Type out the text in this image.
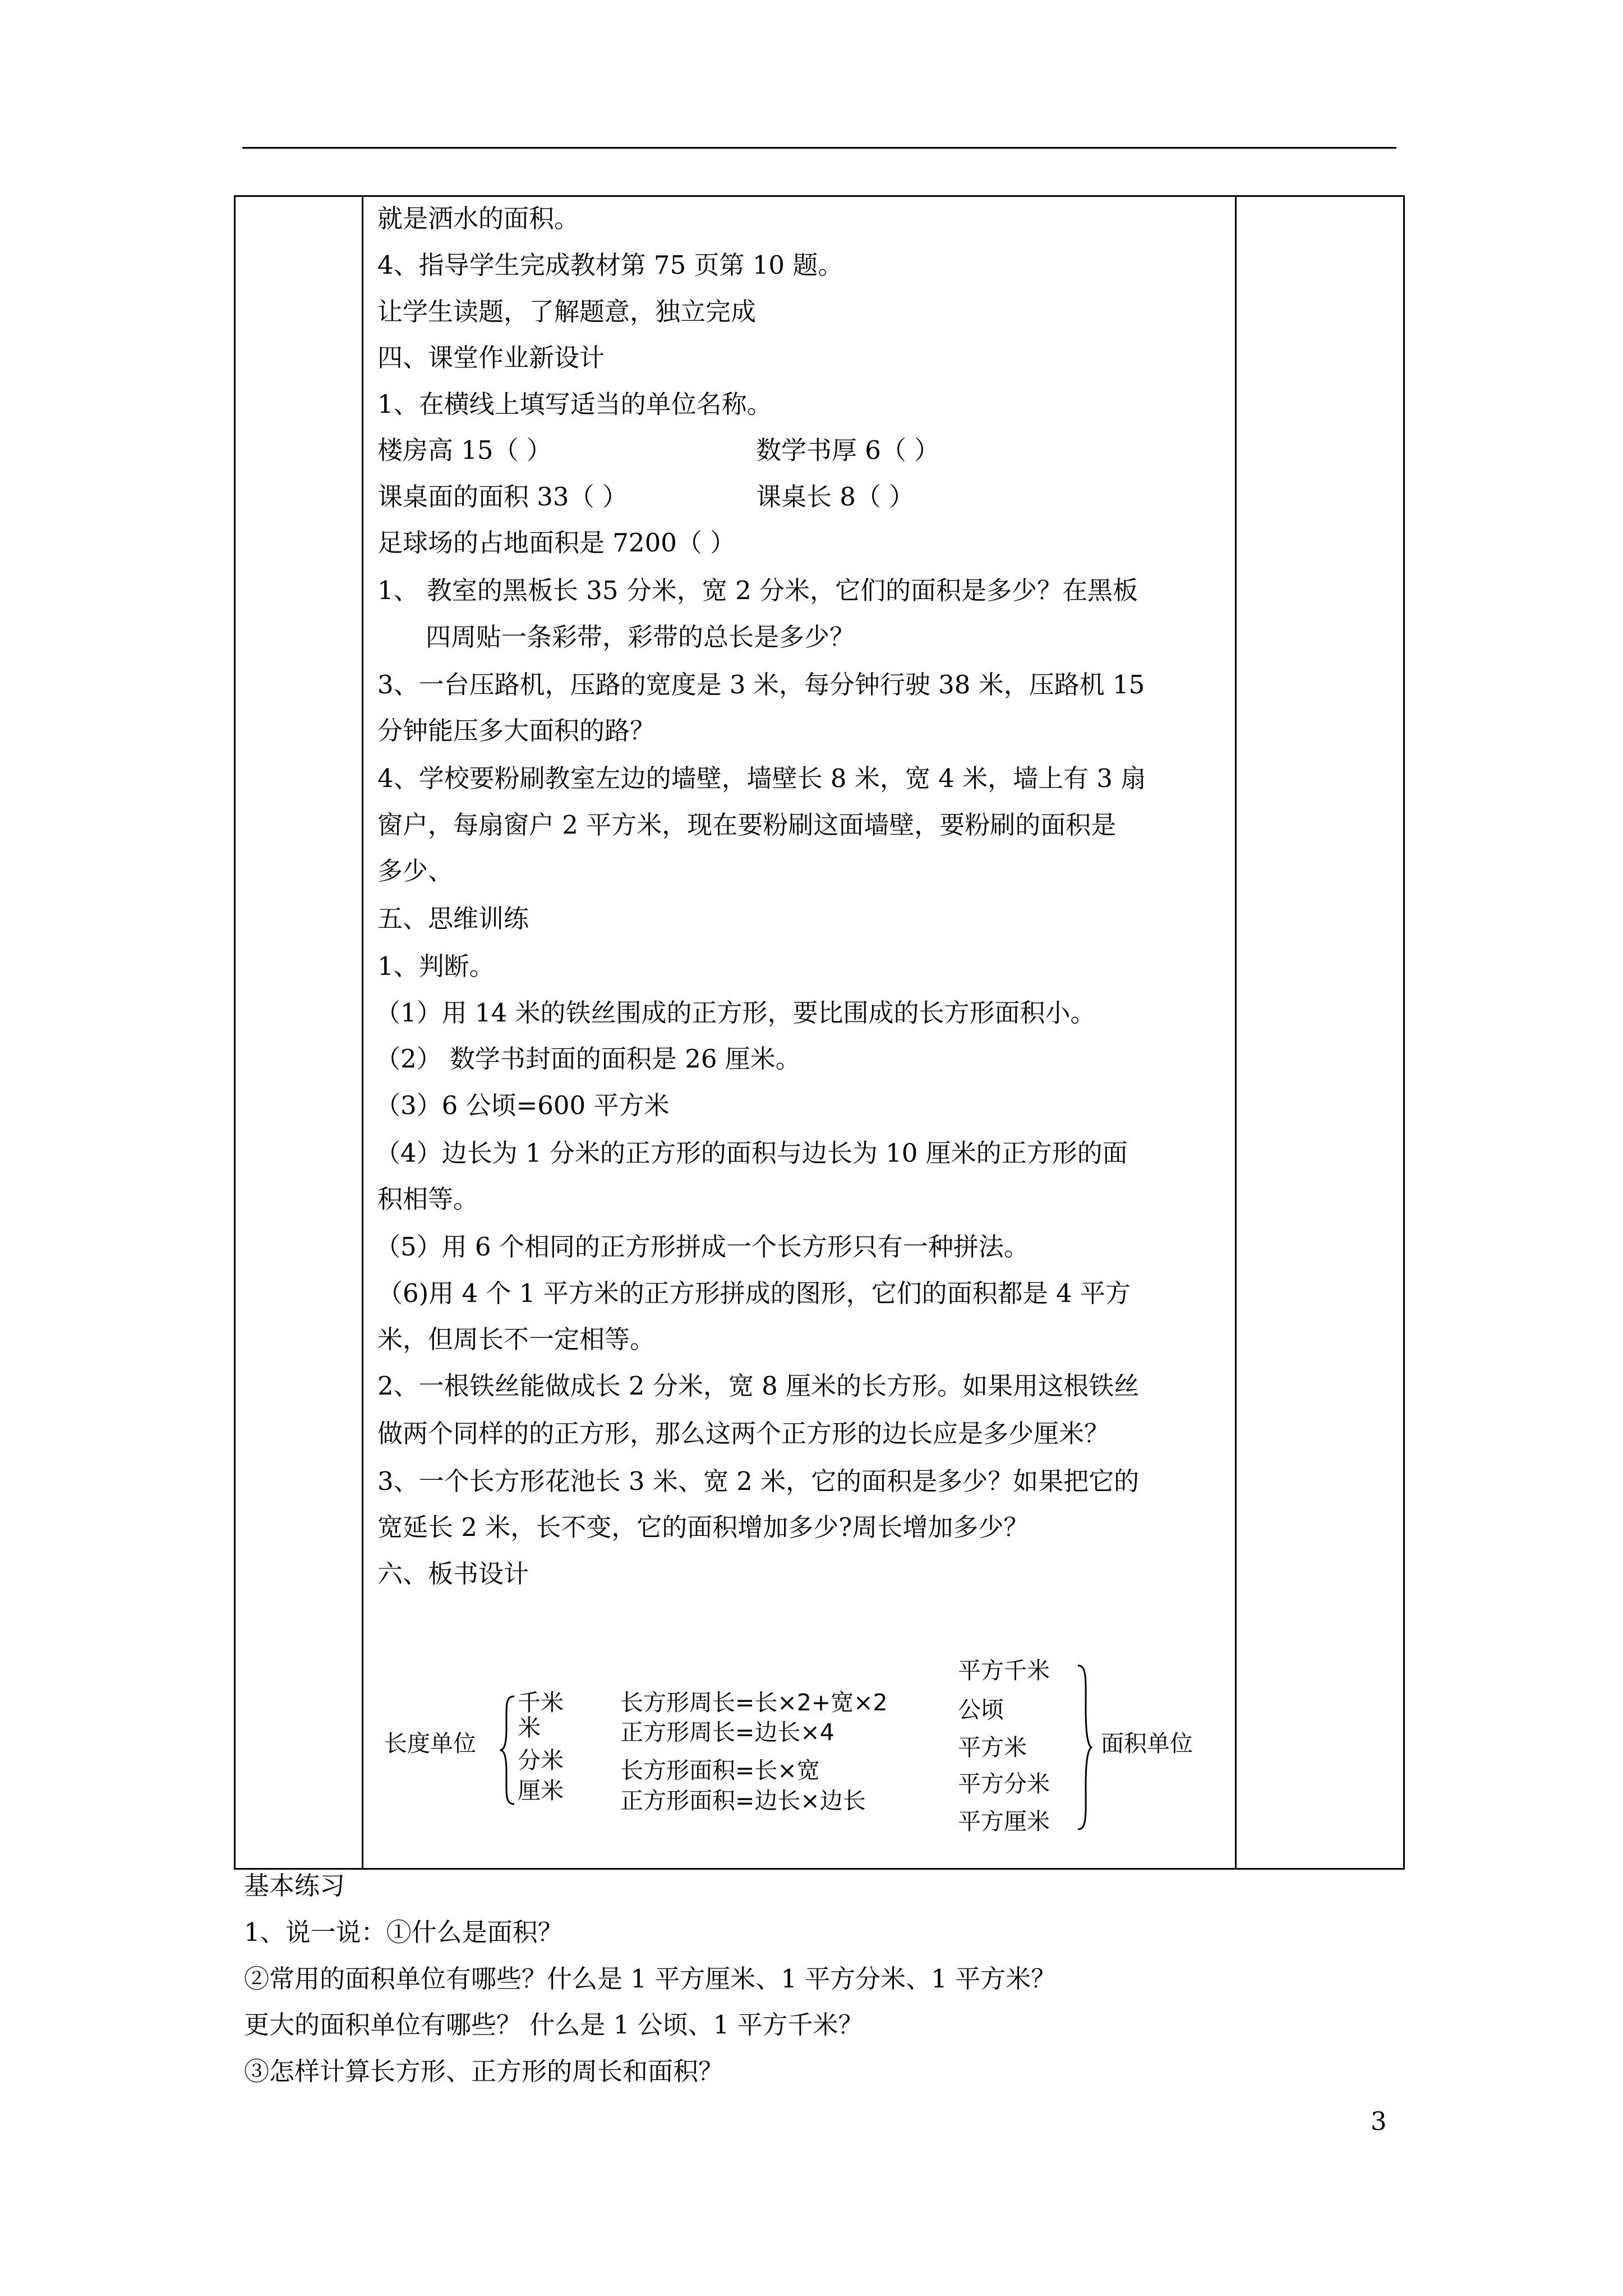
就是洒水的面积。
4、指导学生完成教材第 75 页第 10 题。
让学生读题，了解题意，独立完成
四、课堂作业新设计
1、在横线上填写适当的单位名称。
楼房高 15（ ）	数学书厚 6（ ）
课桌面的面积 33（ ）	课桌长 8（ ）
足球场的占地面积是 7200（ ）
1、 教室的黑板长 35 分米，宽 2 分米，它们的面积是多少？在黑板
四周贴一条彩带，彩带的总长是多少？
3、一台压路机，压路的宽度是 3 米，每分钟行驶 38 米，压路机 15
分钟能压多大面积的路？
4、学校要粉刷教室左边的墙壁，墙壁长 8 米，宽 4 米，墙上有 3 扇
窗户，每扇窗户 2 平方米，现在要粉刷这面墙壁，要粉刷的面积是
多少、
五、思维训练
1、判断。
（1）用 14 米的铁丝围成的正方形，要比围成的长方形面积小。
（2） 数学书封面的面积是 26 厘米。
（3）6 公顷=600 平方米
（4）边长为 1 分米的正方形的面积与边长为 10 厘米的正方形的面
积相等。
（5）用 6 个相同的正方形拼成一个长方形只有一种拼法。
（6)用 4 个 1 平方米的正方形拼成的图形，它们的面积都是 4 平方
米，但周长不一定相等。
2、一根铁丝能做成长 2 分米，宽 8 厘米的长方形。如果用这根铁丝
做两个同样的的正方形，那么这两个正方形的边长应是多少厘米？
3、一个长方形花池长 3 米、宽 2 米，它的面积是多少？如果把它的
宽延长 2 米，长不变，它的面积增加多少?周长增加多少？
六、板书设计
长度单位
千米
米
分米
厘米
长方形周长=长×2+宽×2
正方形周长=边长×4
长方形面积=长×宽
正方形面积=边长×边长
平方千米
公顷
平方米
平方分米
平方厘米
面积单位
基本练习
1、说一说：①什么是面积？
②常用的面积单位有哪些？什么是 1 平方厘米、1 平方分米、1 平方米？
更大的面积单位有哪些？ 什么是 1 公顷、1 平方千米？
③怎样计算长方形、正方形的周长和面积？
3
